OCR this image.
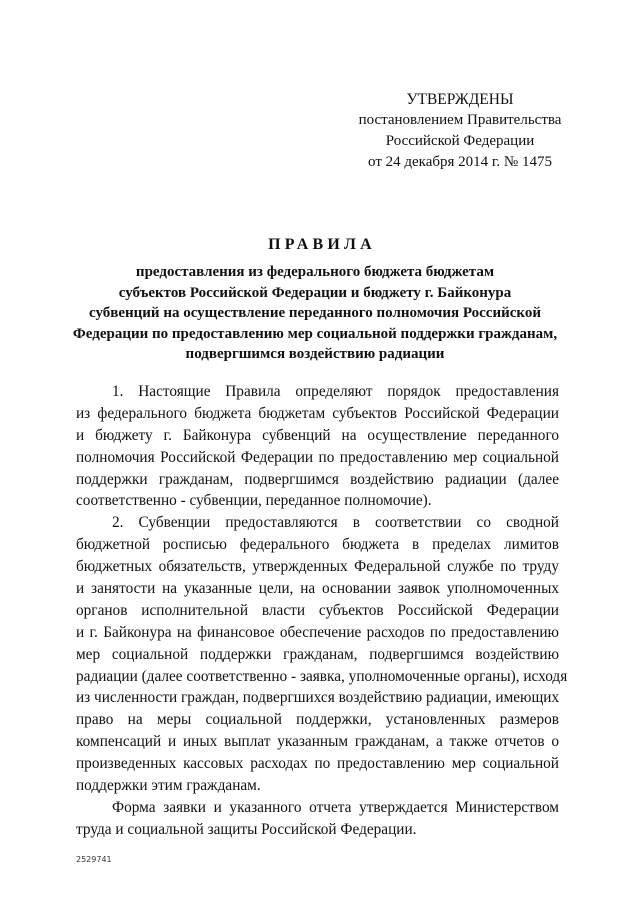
УТВЕРЖДЕНЫ
постановлением Правительства
Российской Федерации
от 24 декабря 2014 г. № 1475
ПРАВИЛА
предоставления из федерального бюджета бюджетам
субъектов Российской Федерации и бюджету г. Байконура
субвенций на осуществление переданного полномочия Российской
Федерации по предоставлению мер социальной поддержки гражданам,
подвергшимся воздействию радиации
1. Настоящие Правила определяют порядок предоставления
из федерального бюджета бюджетам субъектов Российской Федерации
и бюджету г. Байконура субвенций на осуществление переданного
полномочия Российской Федерации по предоставлению мер социальной
поддержки гражданам, подвергшимся воздействию радиации (далее
соответственно - субвенции, переданное полномочие).
2. Субвенции предоставляются в соответствии со сводной
бюджетной росписью федерального бюджета в пределах лимитов
бюджетных обязательств, утвержденных Федеральной службе по труду
и занятости на указанные цели, на основании заявок уполномоченных
органов исполнительной власти субъектов Российской Федерации
и г. Байконура на финансовое обеспечение расходов по предоставлению
мер социальной поддержки гражданам, подвергшимся воздействию
радиации (далее соответственно - заявка, уполномоченные органы), исходя
из численности граждан, подвергшихся воздействию радиации, имеющих
право на меры социальной поддержки, установленных размеров
компенсаций и иных выплат указанным гражданам, а также отчетов о
произведенных кассовых расходах по предоставлению мер социальной
поддержки этим гражданам.
Форма заявки и указанного отчета утверждается Министерством
труда и социальной защиты Российской Федерации.
2529741
